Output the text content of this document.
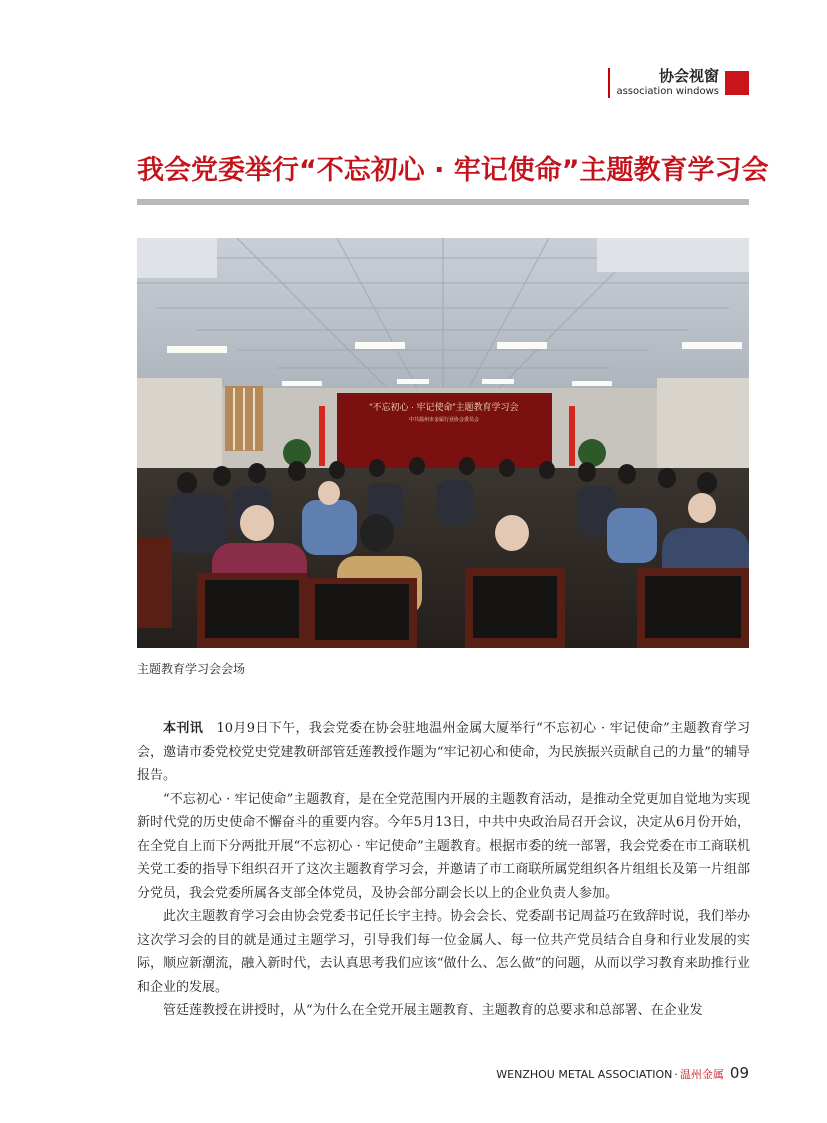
协会视窗
association windows
我会党委举行“不忘初心 · 牢记使命”主题教育学习会
“不忘初心 · 牢记使命”主题教育学习会
中共温州市金属行业协会委员会
主题教育学习会会场

本刊讯　 10月9日下午，我会党委在协会驻地温州金属大厦举行“不忘初心 · 牢记使命”主题教育学习会，邀请市委党校党史党建教研部管廷莲教授作题为“牢记初心和使命，为民族振兴贡献自己的力量”的辅导报告。

“不忘初心 · 牢记使命”主题教育，是在全党范围内开展的主题教育活动，是推动全党更加自觉地为实现新时代党的历史使命不懈奋斗的重要内容。今年5月13日，中共中央政治局召开会议，决定从6月份开始，在全党自上而下分两批开展“不忘初心 · 牢记使命”主题教育。根据市委的统一部署，我会党委在市工商联机关党工委的指导下组织召开了这次主题教育学习会，并邀请了市工商联所属党组织各片组组长及第一片组部分党员，我会党委所属各支部全体党员，及协会部分副会长以上的企业负责人参加。

此次主题教育学习会由协会党委书记任长宇主持。协会会长、党委副书记周益巧在致辞时说，我们举办这次学习会的目的就是通过主题学习，引导我们每一位金属人、每一位共产党员结合自身和行业发展的实际，顺应新潮流，融入新时代，去认真思考我们应该“做什么、怎么做”的问题，从而以学习教育来助推行业和企业的发展。

管廷莲教授在讲授时，从“为什么在全党开展主题教育、主题教育的总要求和总部署、在企业发

WENZHOU METAL ASSOCIATION · 温州金属 09
